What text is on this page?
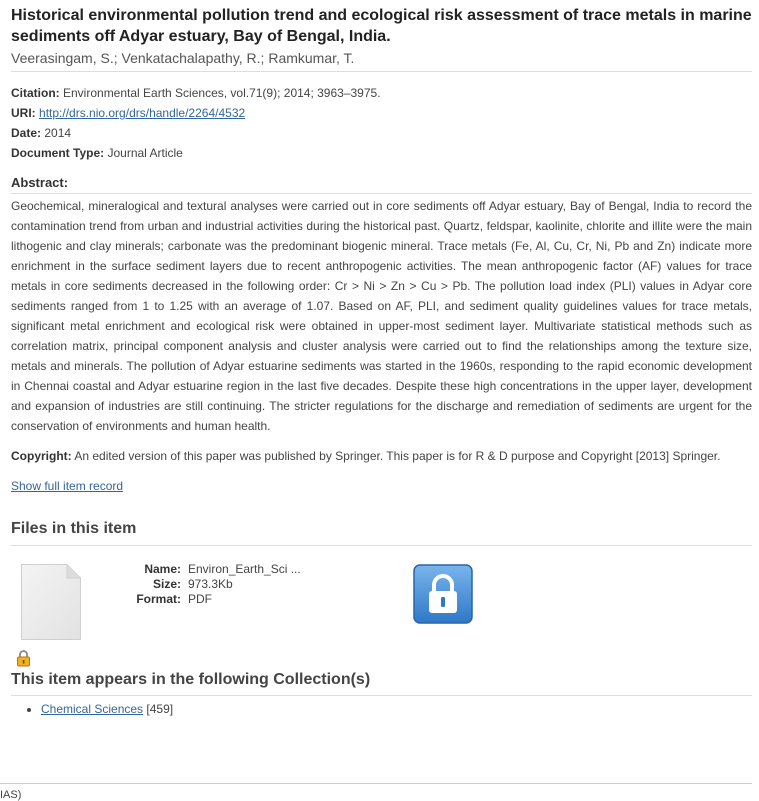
Historical environmental pollution trend and ecological risk assessment of trace metals in marine sediments off Adyar estuary, Bay of Bengal, India.
Veerasingam, S.; Venkatachalapathy, R.; Ramkumar, T.
Citation: Environmental Earth Sciences, vol.71(9); 2014; 3963–3975.
URI: http://drs.nio.org/drs/handle/2264/4532
Date: 2014
Document Type: Journal Article
Abstract:
Geochemical, mineralogical and textural analyses were carried out in core sediments off Adyar estuary, Bay of Bengal, India to record the contamination trend from urban and industrial activities during the historical past. Quartz, feldspar, kaolinite, chlorite and illite were the main lithogenic and clay minerals; carbonate was the predominant biogenic mineral. Trace metals (Fe, Al, Cu, Cr, Ni, Pb and Zn) indicate more enrichment in the surface sediment layers due to recent anthropogenic activities. The mean anthropogenic factor (AF) values for trace metals in core sediments decreased in the following order: Cr > Ni > Zn > Cu > Pb. The pollution load index (PLI) values in Adyar core sediments ranged from 1 to 1.25 with an average of 1.07. Based on AF, PLI, and sediment quality guidelines values for trace metals, significant metal enrichment and ecological risk were obtained in upper-most sediment layer. Multivariate statistical methods such as correlation matrix, principal component analysis and cluster analysis were carried out to find the relationships among the texture size, metals and minerals. The pollution of Adyar estuarine sediments was started in the 1960s, responding to the rapid economic development in Chennai coastal and Adyar estuarine region in the last five decades. Despite these high concentrations in the upper layer, development and expansion of industries are still continuing. The stricter regulations for the discharge and remediation of sediments are urgent for the conservation of environments and human health.
Copyright: An edited version of this paper was published by Springer. This paper is for R & D purpose and Copyright [2013] Springer.
Show full item record
Files in this item
Name: Environ_Earth_Sci ...
Size: 973.3Kb
Format: PDF
This item appears in the following Collection(s)
• Chemical Sciences [459]
IAS)
